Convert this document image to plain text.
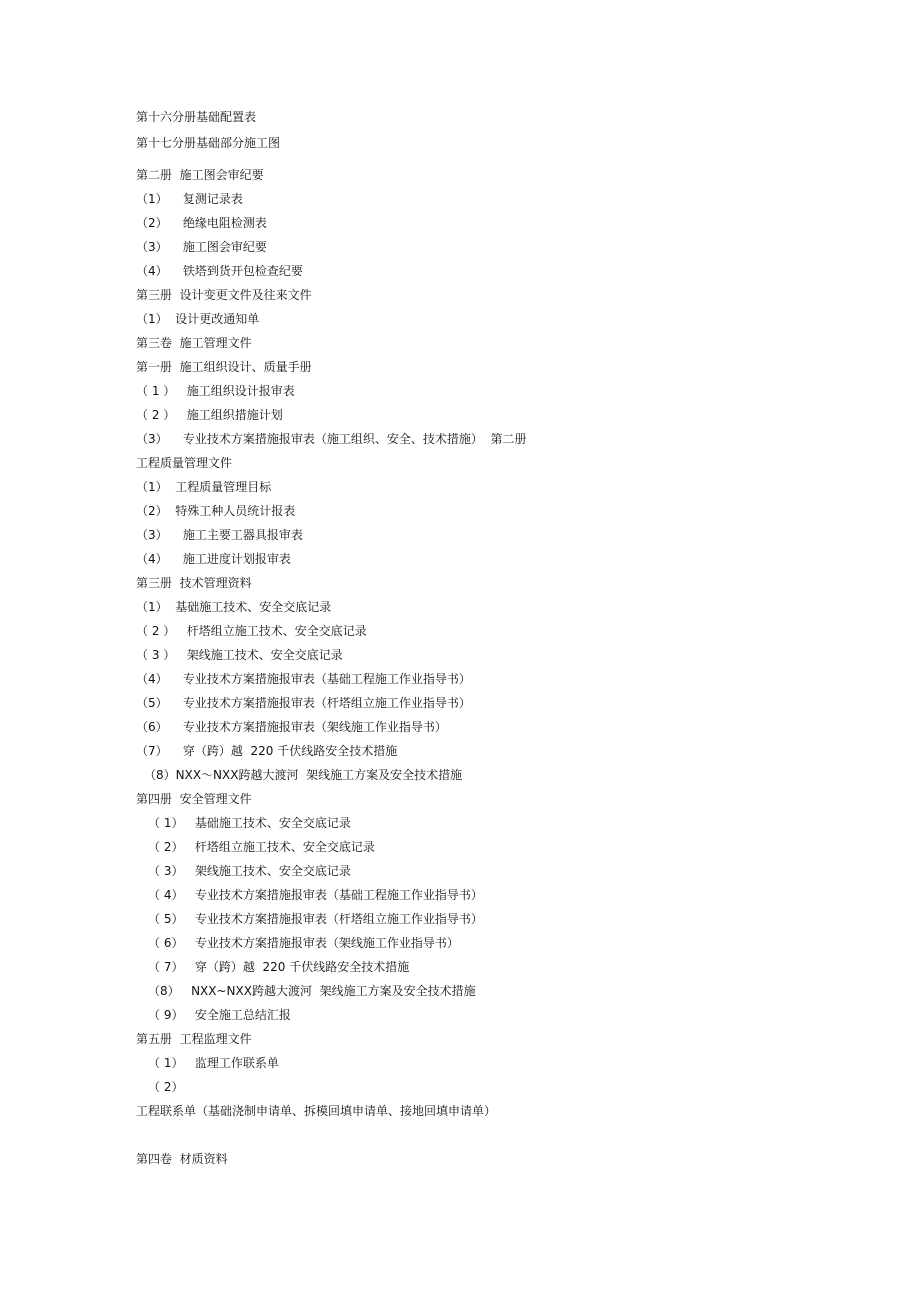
第十六分册基础配置表
第十七分册基础部分施工图
第二册  施工图会审纪要
（1）    复测记录表
（2）    绝缘电阻检测表
（3）    施工图会审纪要
（4）    铁塔到货开包检查纪要
第三册  设计变更文件及往来文件
（1）  设计更改通知单
第三卷  施工管理文件
第一册  施工组织设计、质量手册
（ 1 ）   施工组织设计报审表
（ 2 ）   施工组织措施计划
（3）    专业技术方案措施报审表（施工组织、安全、技术措施）  第二册
工程质量管理文件
（1）  工程质量管理目标
（2）  特殊工种人员统计报表
（3）    施工主要工器具报审表
（4）    施工进度计划报审表
第三册  技术管理资料
（1）  基础施工技术、安全交底记录
（ 2 ）   杆塔组立施工技术、安全交底记录
（ 3 ）   架线施工技术、安全交底记录
（4）    专业技术方案措施报审表（基础工程施工作业指导书）
（5）    专业技术方案措施报审表（杆塔组立施工作业指导书）
（6）    专业技术方案措施报审表（架线施工作业指导书）
（7）    穿（跨）越  220 千伏线路安全技术措施
（8）NXX～NXX跨越大渡河  架线施工方案及安全技术措施
第四册  安全管理文件
（ 1）   基础施工技术、安全交底记录
（ 2）   杆塔组立施工技术、安全交底记录
（ 3）   架线施工技术、安全交底记录
（ 4）   专业技术方案措施报审表（基础工程施工作业指导书）
（ 5）   专业技术方案措施报审表（杆塔组立施工作业指导书）
（ 6）   专业技术方案措施报审表（架线施工作业指导书）
（ 7）   穿（跨）越  220 千伏线路安全技术措施
（8）   NXX~NXX跨越大渡河  架线施工方案及安全技术措施
（ 9）   安全施工总结汇报
第五册  工程监理文件
（ 1）   监理工作联系单
（ 2）
工程联系单（基础浇制申请单、拆模回填申请单、接地回填申请单）
第四卷  材质资料
